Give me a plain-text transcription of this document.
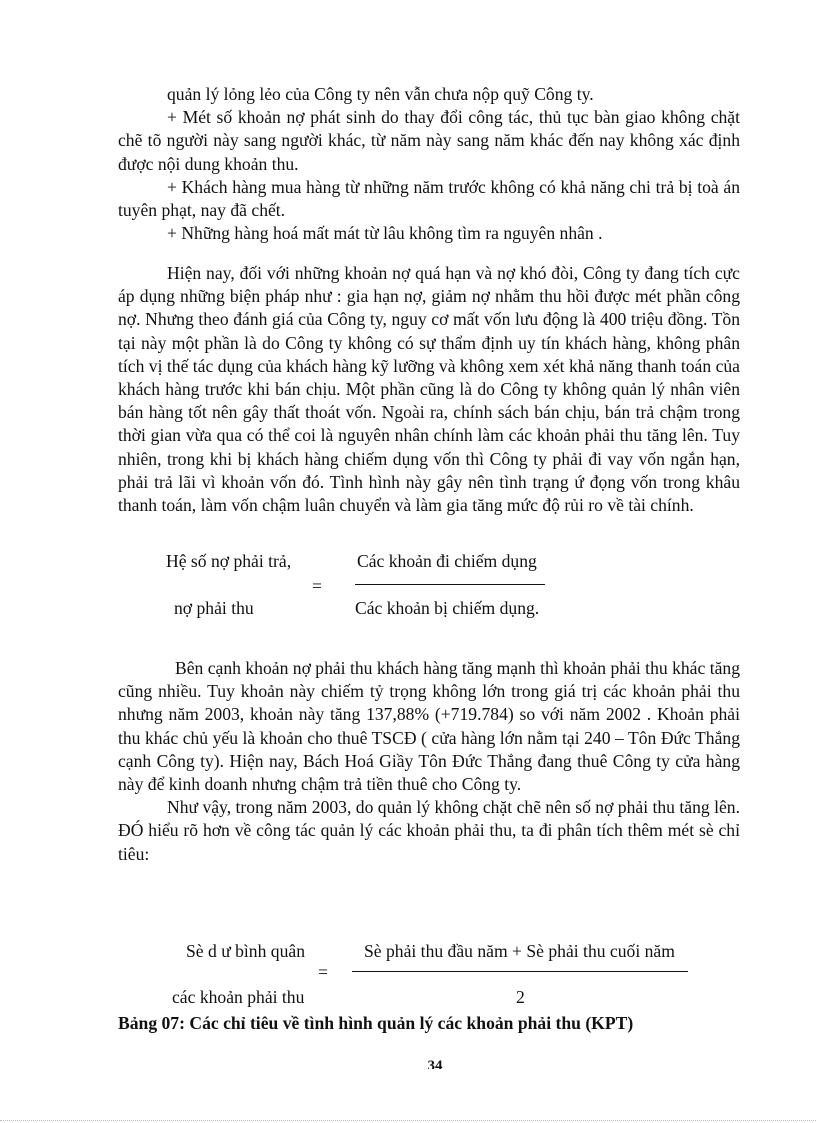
quản lý lỏng lẻo của Công ty nên vẫn chưa nộp quỹ Công ty.

+ Mét số khoản nợ phát sinh do thay đổi công tác, thủ tục bàn giao không chặt chẽ tõ người này sang người khác, từ năm này sang năm khác đến nay không xác định được nội dung khoản thu.

+ Khách hàng mua hàng từ những năm trước không có khả năng chi trả bị toà án tuyên phạt, nay đã chết.

+ Những hàng hoá mất mát từ lâu không tìm ra nguyên nhân .

Hiện nay, đối với những khoản nợ quá hạn và nợ khó đòi, Công ty đang tích cực áp dụng những biện pháp như : gia hạn nợ, giảm nợ nhằm thu hồi được mét phần công nợ. Nhưng theo đánh giá của Công ty, nguy cơ mất vốn lưu động là 400 triệu đồng. Tồn tại này một phần là do Công ty không có sự thẩm định uy tín khách hàng, không phân tích vị thế tác dụng của khách hàng kỹ lưỡng và không xem xét khả năng thanh toán của khách hàng trước khi bán chịu. Một phần cũng là do Công ty không quản lý nhân viên bán hàng tốt nên gây thất thoát vốn. Ngoài ra, chính sách bán chịu, bán trả chậm trong thời gian vừa qua có thể coi là nguyên nhân chính làm các khoản phải thu tăng lên. Tuy nhiên, trong khi bị khách hàng chiếm dụng vốn thì Công ty phải đi vay vốn ngắn hạn, phải trả lãi vì khoản vốn đó. Tình hình này gây nên tình trạng ứ đọng vốn trong khâu thanh toán, làm vốn chậm luân chuyển và làm gia tăng mức độ rủi ro về tài chính.

Hệ số nợ phải trả,
nợ phải thu
=
Các khoản đi chiếm dụng
Các khoản bị chiếm dụng.

Bên cạnh khoản nợ phải thu khách hàng tăng mạnh thì khoản phải thu khác tăng cũng nhiều. Tuy khoản này chiếm tỷ trọng không lớn trong giá trị các khoản phải thu nhưng năm 2003, khoản này tăng 137,88% (+719.784) so với năm 2002 . Khoản phải thu khác chủ yếu là khoản cho thuê TSCĐ ( cửa hàng lớn nằm tại 240 – Tôn Đức Thắng cạnh Công ty). Hiện nay, Bách Hoá Giầy Tôn Đức Thắng đang thuê Công ty cửa hàng này để kinh doanh nhưng chậm trả tiền thuê cho Công ty.

Như vậy, trong năm 2003, do quản lý không chặt chẽ nên số nợ phải thu tăng lên. ĐÓ hiểu rõ hơn về công tác quản lý các khoản phải thu, ta đi phân tích thêm mét sè chỉ tiêu:

Sè d ư bình quân
các khoản phải thu
=
Sè phải thu đầu năm + Sè phải thu cuối năm
2
Bảng 07: Các chỉ tiêu về tình hình quản lý các khoản phải thu (KPT)
34
